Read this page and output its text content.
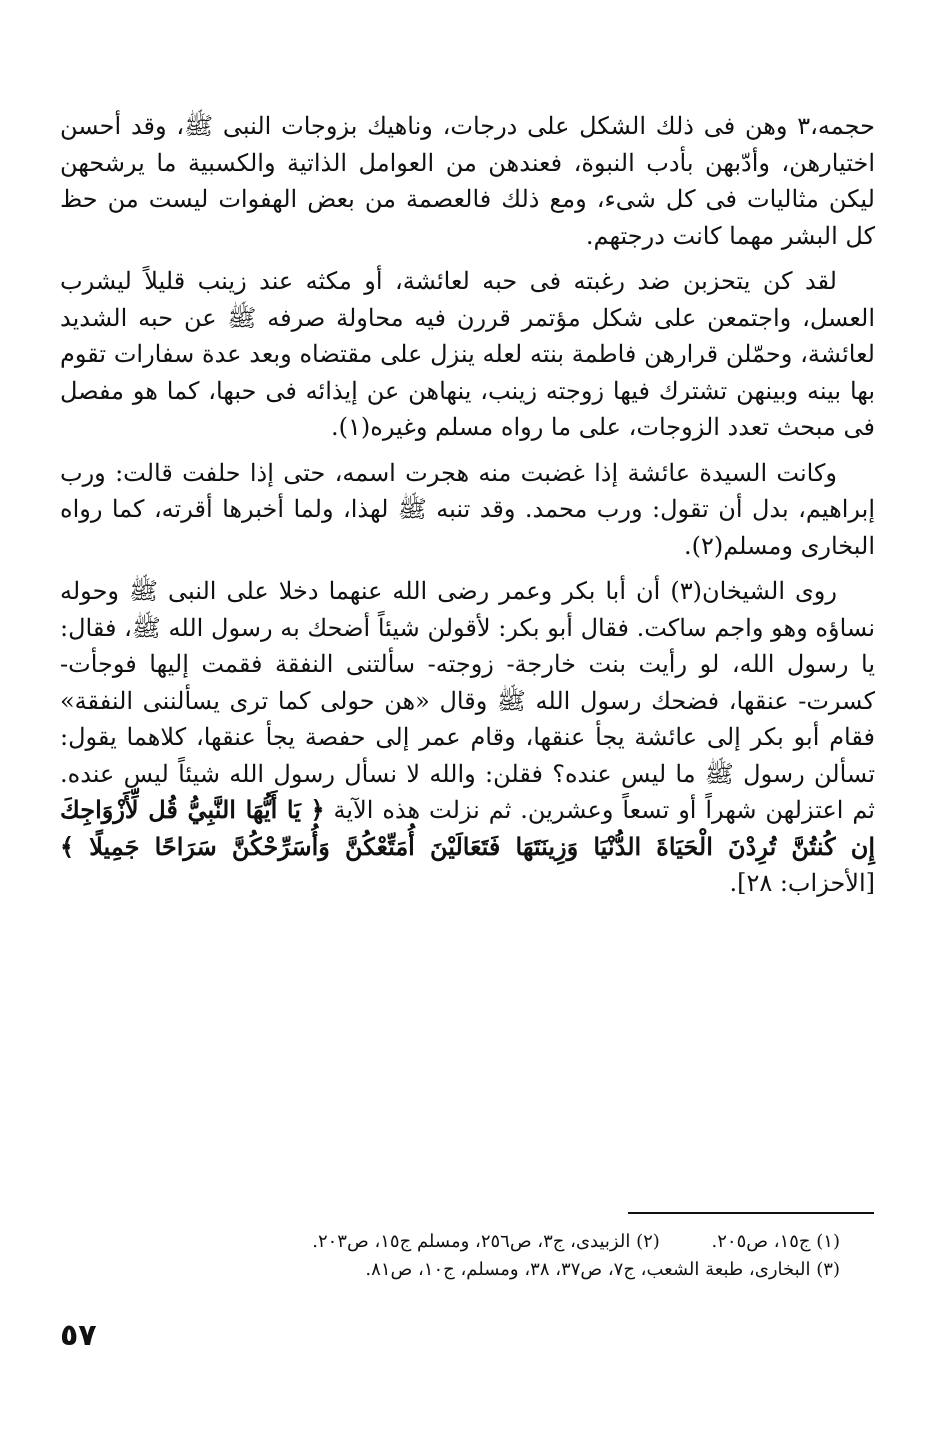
حجمه،٣ وهن فى ذلك الشكل على درجات، وناهيك بزوجات النبى ﷺ، وقد أحسن اختيارهن، وأدّبهن بأدب النبوة، فعندهن من العوامل الذاتية والكسبية ما يرشحهن ليكن مثاليات فى كل شىء، ومع ذلك فالعصمة من بعض الهفوات ليست من حظ كل البشر مهما كانت درجتهم.

لقد كن يتحزبن ضد رغبته فى حبه لعائشة، أو مكثه عند زينب قليلاً ليشرب العسل، واجتمعن على شكل مؤتمر قررن فيه محاولة صرفه ﷺ عن حبه الشديد لعائشة، وحمّلن قرارهن فاطمة بنته لعله ينزل على مقتضاه وبعد عدة سفارات تقوم بها بينه وبينهن تشترك فيها زوجته زينب، ينهاهن عن إيذائه فى حبها، كما هو مفصل فى مبحث تعدد الزوجات، على ما رواه مسلم وغيره(١).

وكانت السيدة عائشة إذا غضبت منه هجرت اسمه، حتى إذا حلفت قالت: ورب إبراهيم، بدل أن تقول: ورب محمد. وقد تنبه ﷺ لهذا، ولما أخبرها أقرته، كما رواه البخارى ومسلم(٢).

روى الشيخان(٣) أن أبا بكر وعمر رضى الله عنهما دخلا على النبى ﷺ وحوله نساؤه وهو واجم ساكت. فقال أبو بكر: لأقولن شيئاً أضحك به رسول الله ﷺ، فقال: يا رسول الله، لو رأيت بنت خارجة- زوجته- سألتنى النفقة فقمت إليها فوجأت- كسرت- عنقها، فضحك رسول الله ﷺ وقال «هن حولى كما ترى يسألننى النفقة» فقام أبو بكر إلى عائشة يجأ عنقها، وقام عمر إلى حفصة يجأ عنقها، كلاهما يقول: تسألن رسول ﷺ ما ليس عنده؟ فقلن: والله لا نسأل رسول الله شيئاً ليس عنده. ثم اعتزلهن شهراً أو تسعاً وعشرين. ثم نزلت هذه الآية ﴿ يَا أَيُّهَا النَّبِيُّ قُل لِّأَزْوَاجِكَ إِن كُنتُنَّ تُرِدْنَ الْحَيَاةَ الدُّنْيَا وَزِينَتَهَا فَتَعَالَيْنَ أُمَتِّعْكُنَّ وَأُسَرِّحْكُنَّ سَرَاحًا جَمِيلًا ﴾ [الأحزاب: ٢٨].

(١) ج١٥، ص٢٠٥. (٢) الزبيدى، ج٣، ص٢٥٦، ومسلم ج١٥، ص٢٠٣.
(٣) البخارى، طبعة الشعب، ج٧، ص٣٧، ٣٨، ومسلم، ج١٠، ص٨١.
٥٧
